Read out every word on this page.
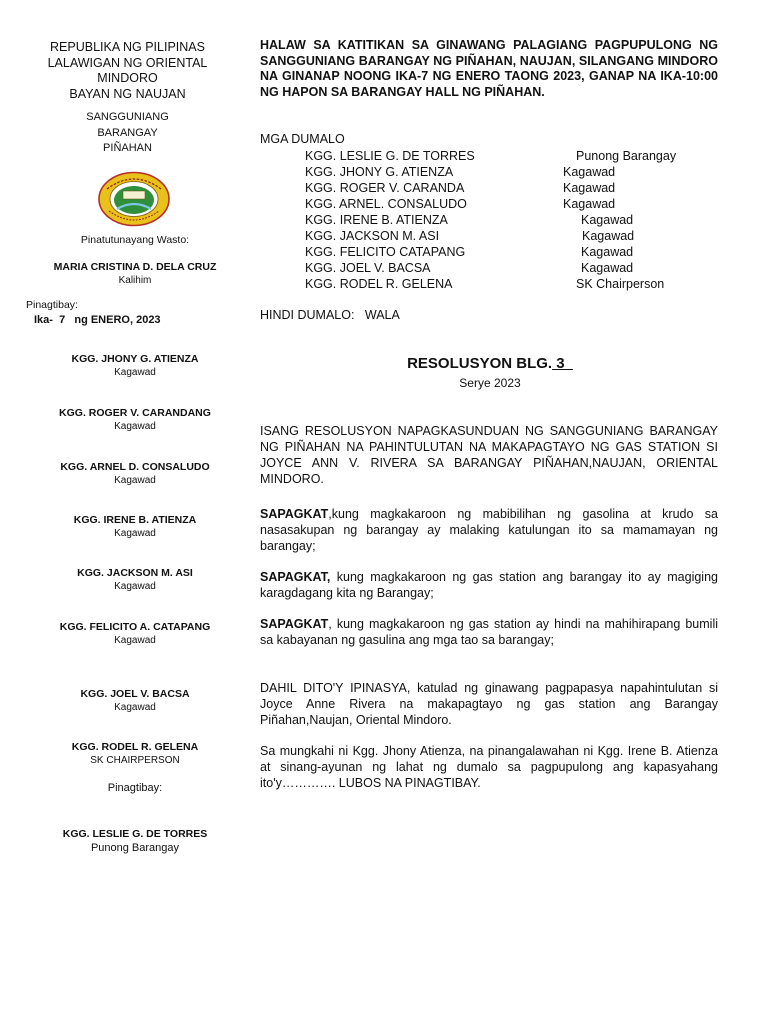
REPUBLIKA NG PILIPINAS
LALAWIGAN NG ORIENTAL
MINDORO
BAYAN NG NAUJAN
SANGGUNIANG
BARANGAY
PIÑAHAN
Pinatutunayang Wasto:
MARIA CRISTINA D. DELA CRUZ
Kalihim
Pinagtibay:
Ika-  7   ng ENERO, 2023
KGG. JHONY G. ATIENZA
Kagawad
KGG. ROGER V. CARANDANG
Kagawad
KGG. ARNEL D. CONSALUDO
Kagawad
KGG. IRENE B. ATIENZA
Kagawad
KGG. JACKSON M. ASI
Kagawad
KGG. FELICITO A. CATAPANG
Kagawad
KGG. JOEL V. BACSA
Kagawad
KGG. RODEL R. GELENA
SK CHAIRPERSON
Pinagtibay:
KGG. LESLIE G. DE TORRES
Punong Barangay

HALAW SA KATITIKAN SA GINAWANG PALAGIANG PAGPUPULONG NG SANGGUNIANG BARANGAY NG PIÑAHAN, NAUJAN, SILANGANG MINDORO NA GINANAP NOONG IKA-7 NG ENERO TAONG 2023, GANAP NA IKA-10:00 NG HAPON SA BARANGAY HALL NG PIÑAHAN.

MGA DUMALO
KGG. LESLIE G. DE TORRES	Punong Barangay
KGG. JHONY G. ATIENZA	Kagawad
KGG. ROGER V. CARANDA	Kagawad
KGG. ARNEL. CONSALUDO	Kagawad
KGG. IRENE B. ATIENZA	Kagawad
KGG. JACKSON M. ASI	Kagawad
KGG. FELICITO CATAPANG	Kagawad
KGG. JOEL V. BACSA	Kagawad
KGG. RODEL R. GELENA	SK Chairperson
HINDI DUMALO:   WALA
RESOLUSYON BLG. 3
Serye 2023

ISANG RESOLUSYON NAPAGKASUNDUAN NG SANGGUNIANG BARANGAY NG PIÑAHAN NA PAHINTULUTAN NA MAKAPAGTAYO NG GAS STATION SI JOYCE ANN V. RIVERA SA BARANGAY PIÑAHAN,NAUJAN, ORIENTAL MINDORO.

SAPAGKAT,kung magkakaroon ng mabibilihan ng gasolina at krudo sa nasasakupan ng barangay ay malaking katulungan ito sa mamamayan ng barangay;

SAPAGKAT, kung magkakaroon ng gas station ang barangay ito ay magiging karagdagang kita ng Barangay;

SAPAGKAT, kung magkakaroon ng gas station ay hindi na mahihirapang bumili sa kabayanan ng gasulina ang mga tao sa barangay;

DAHIL DITO'Y IPINASYA, katulad ng ginawang pagpapasya napahintulutan si Joyce Anne Rivera na makapagtayo ng gas station ang Barangay Piñahan,Naujan, Oriental Mindoro.

Sa mungkahi ni Kgg. Jhony Atienza, na pinangalawahan ni Kgg. Irene B. Atienza at sinang-ayunan ng lahat ng dumalo sa pagpupulong ang kapasyahang ito'y…………. LUBOS NA PINAGTIBAY.
